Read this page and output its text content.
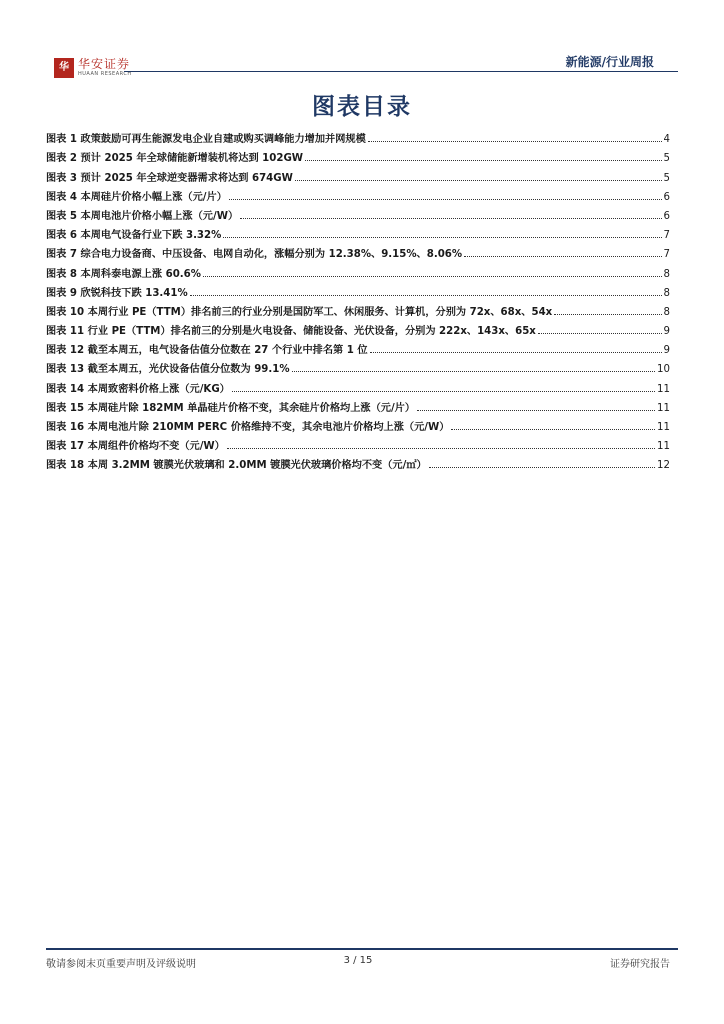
华 华安证券
HUAAN RESEARCH
新能源/行业周报
图表目录
图表 1 政策鼓励可再生能源发电企业自建或购买调峰能力增加并网规模	4
图表 2 预计 2025 年全球储能新增装机将达到 102GW	5
图表 3 预计 2025 年全球逆变器需求将达到 674GW	5
图表 4 本周硅片价格小幅上涨（元/片）	6
图表 5 本周电池片价格小幅上涨（元/W）	6
图表 6 本周电气设备行业下跌 3.32%	7
图表 7 综合电力设备商、中压设备、电网自动化，涨幅分别为 12.38%、9.15%、8.06%	7
图表 8 本周科泰电源上涨 60.6%	8
图表 9 欣锐科技下跌 13.41%	8
图表 10 本周行业 PE（TTM）排名前三的行业分别是国防军工、休闲服务、计算机，分别为 72x、68x、54x	8
图表 11 行业 PE（TTM）排名前三的分别是火电设备、储能设备、光伏设备，分别为 222x、143x、65x	9
图表 12 截至本周五，电气设备估值分位数在 27 个行业中排名第 1 位	9
图表 13 截至本周五，光伏设备估值分位数为 99.1%	10
图表 14 本周致密料价格上涨（元/KG）	11
图表 15 本周硅片除 182MM 单晶硅片价格不变，其余硅片价格均上涨（元/片）	11
图表 16 本周电池片除 210MM PERC 价格维持不变，其余电池片价格均上涨（元/W）	11
图表 17 本周组件价格均不变（元/W）	11
图表 18 本周 3.2MM 镀膜光伏玻璃和 2.0MM 镀膜光伏玻璃价格均不变（元/㎡）	12
敬请参阅末页重要声明及评级说明	3 / 15	证券研究报告
